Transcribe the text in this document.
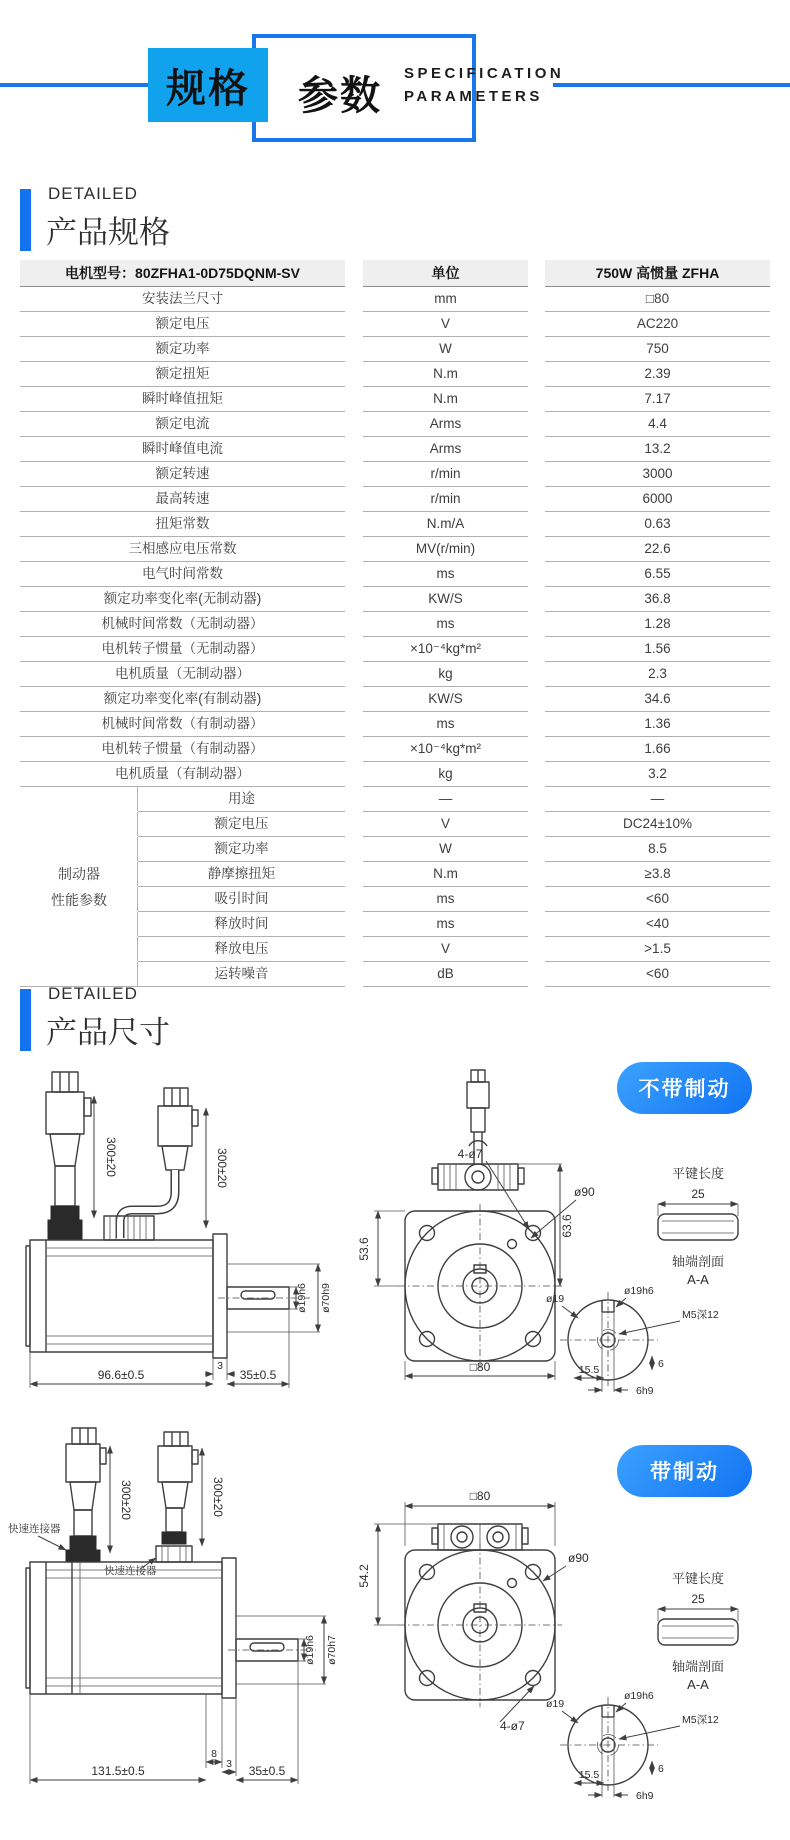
规格 参数
SPECIFICATION
PARAMETERS
DETAILED
产品规格
电机型号：80ZFHA1-0D75DQNM-SV	单位	750W 高惯量 ZFHA
安装法兰尺寸	mm	□80
额定电压	V	AC220
额定功率	W	750
额定扭矩	N.m	2.39
瞬时峰值扭矩	N.m	7.17
额定电流	Arms	4.4
瞬时峰值电流	Arms	13.2
额定转速	r/min	3000
最高转速	r/min	6000
扭矩常数	N.m/A	0.63
三相感应电压常数	MV(r/min)	22.6
电气时间常数	ms	6.55
额定功率变化率(无制动器)	KW/S	36.8
机械时间常数（无制动器）	ms	1.28
电机转子惯量（无制动器）	×10⁻⁴kg*m²	1.56
电机质量（无制动器）	kg	2.3
额定功率变化率(有制动器)	KW/S	34.6
机械时间常数（有制动器）	ms	1.36
电机转子惯量（有制动器）	×10⁻⁴kg*m²	1.66
电机质量（有制动器）	kg	3.2
制动器
性能参数
用途	—	—
额定电压	V	DC24±10%
额定功率	W	8.5
静摩擦扭矩	N.m	≥3.8
吸引时间	ms	<60
释放时间	ms	<40
释放电压	V	>1.5
运转噪音	dB	<60
DETAILED
产品尺寸
不带制动
300±20	300±20
ø19h6 ø70h9
3
96.6±0.5	35±0.5
53.6
63.6
ø90
4-ø7
□80
平键长度
25
轴端剖面
A-A
ø19
ø19h6
M5深12
15.5
6h9
6
带制动
300±20	300±20
快速连接器
快速连接器
ø19h6 ø70h7
8
3
131.5±0.5	35±0.5
□80
54.2
ø90
4-ø7
平键长度
25
轴端剖面
A-A
ø19
ø19h6
M5深12
15.5
6h9
6
